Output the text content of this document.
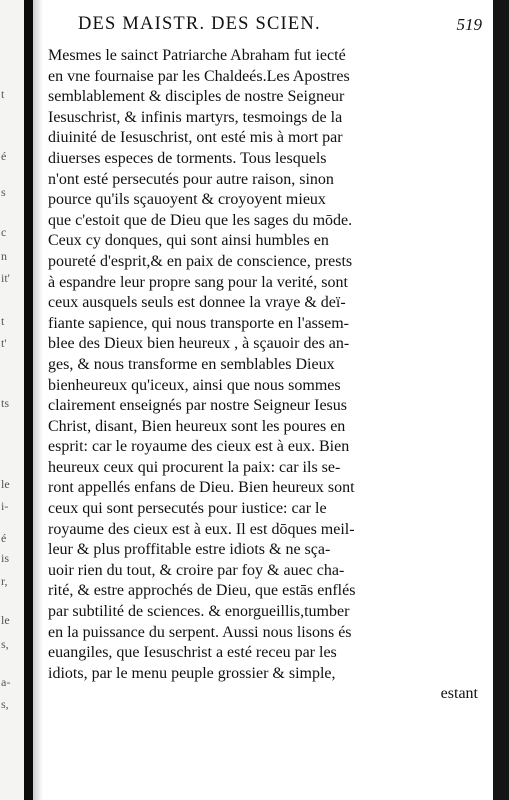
t
é
s
c
n
it'
t
t'
ts
le
i-
é
is
r,
le
s,
a-
s,
DES MAISTR. DES SCIEN.	519
Mesmes le sainct Patriarche Abraham fut iecté
en vne fournaise par les Chaldeés.Les Apostres
semblablement & disciples de nostre Seigneur
Iesuschrist, & infinis martyrs, tesmoings de la
diuinité de Iesuschrist, ont esté mis à mort par
diuerses especes de torments. Tous lesquels
n'ont esté persecutés pour autre raison, sinon
pource qu'ils sçauoyent & croyoyent mieux
que c'estoit que de Dieu que les sages du mōde.
Ceux cy donques, qui sont ainsi humbles en
poureté d'esprit,& en paix de conscience, prests
à espandre leur propre sang pour la verité, sont
ceux ausquels seuls est donnee la vraye & deï-
fiante sapience, qui nous transporte en l'assem-
blee des Dieux bien heureux , à sçauoir des an-
ges, & nous transforme en semblables Dieux
bienheureux qu'iceux, ainsi que nous sommes
clairement enseignés par nostre Seigneur Iesus
Christ, disant, Bien heureux sont les poures en
esprit: car le royaume des cieux est à eux. Bien
heureux ceux qui procurent la paix: car ils se-
ront appellés enfans de Dieu. Bien heureux sont
ceux qui sont persecutés pour iustice: car le
royaume des cieux est à eux. Il est dōques meil-
leur & plus proffitable estre idiots & ne sça-
uoir rien du tout, & croire par foy & auec cha-
rité, & estre approchés de Dieu, que estās enflés
par subtilité de sciences. & enorgueillis,tumber
en la puissance du serpent. Aussi nous lisons és
euangiles, que Iesuschrist a esté receu par les
idiots, par le menu peuple grossier & simple,
estant
